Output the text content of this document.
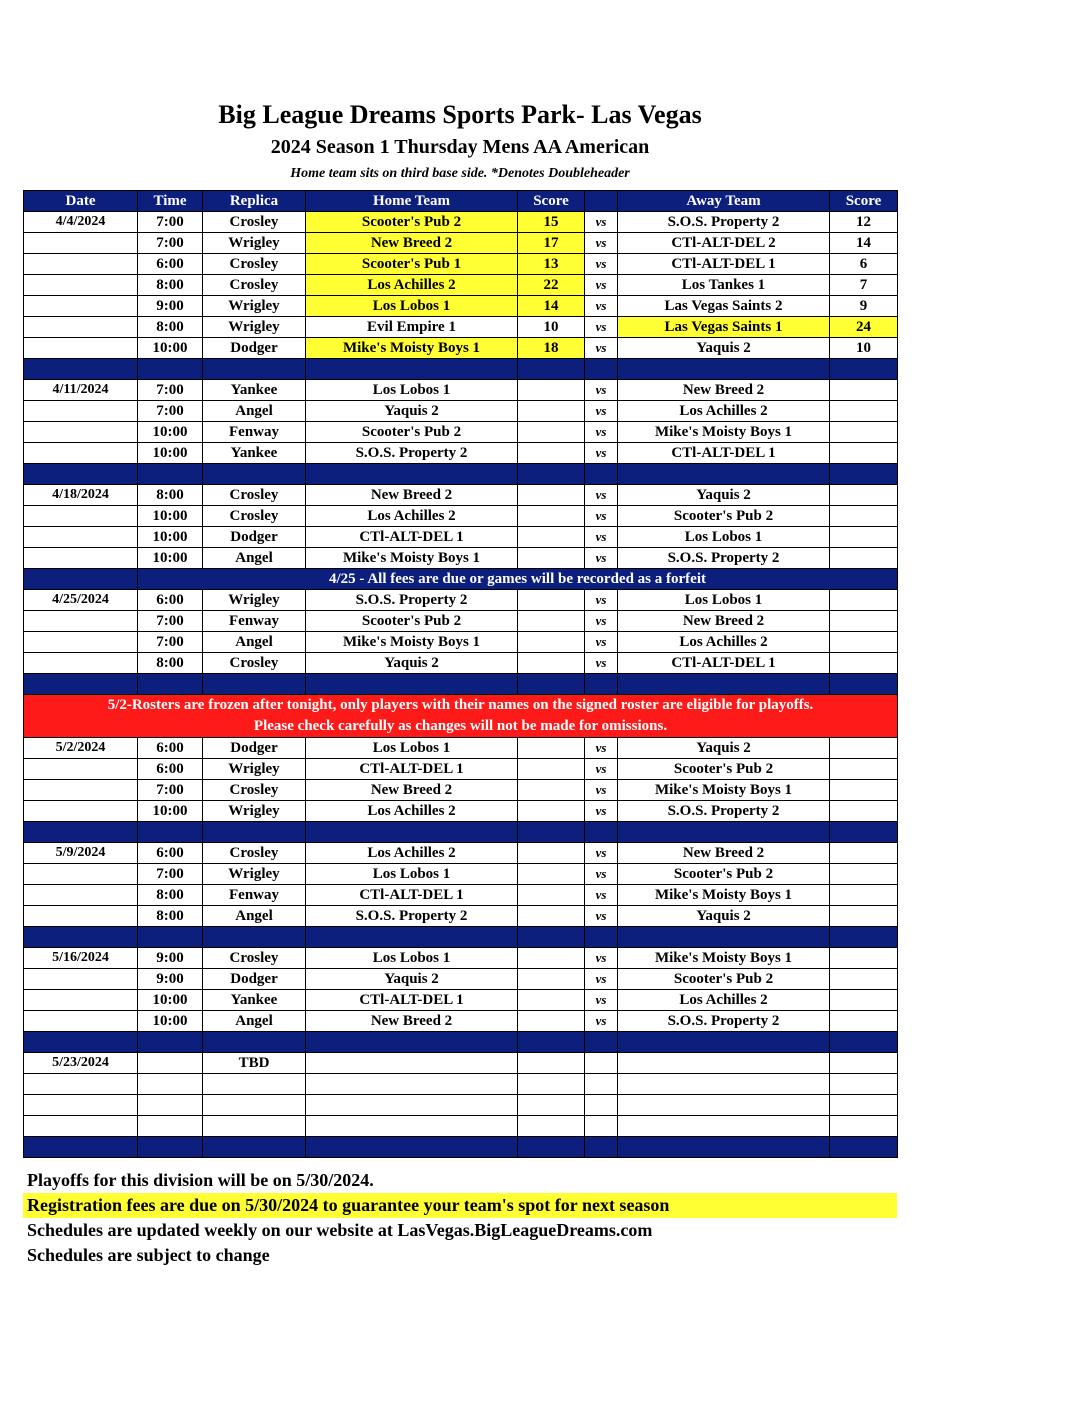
Big League Dreams Sports Park- Las Vegas
2024 Season 1 Thursday Mens AA American
Home team sits on third base side. *Denotes Doubleheader
Date	Time	Replica	Home Team	Score		Away Team	Score
4/4/2024	7:00	Crosley	Scooter's Pub 2	15	vs	S.O.S. Property 2	12
	7:00	Wrigley	New Breed 2	17	vs	CTl-ALT-DEL 2	14
	6:00	Crosley	Scooter's Pub 1	13	vs	CTl-ALT-DEL 1	6
	8:00	Crosley	Los Achilles 2	22	vs	Los Tankes 1	7
	9:00	Wrigley	Los Lobos 1	14	vs	Las Vegas Saints 2	9
	8:00	Wrigley	Evil Empire 1	10	vs	Las Vegas Saints 1	24
	10:00	Dodger	Mike's Moisty Boys 1	18	vs	Yaquis 2	10

4/11/2024	7:00	Yankee	Los Lobos 1		vs	New Breed 2	
	7:00	Angel	Yaquis 2		vs	Los Achilles 2	
	10:00	Fenway	Scooter's Pub 2		vs	Mike's Moisty Boys 1	
	10:00	Yankee	S.O.S. Property 2		vs	CTl-ALT-DEL 1	

4/18/2024	8:00	Crosley	New Breed 2		vs	Yaquis 2	
	10:00	Crosley	Los Achilles 2		vs	Scooter's Pub 2	
	10:00	Dodger	CTl-ALT-DEL 1		vs	Los Lobos 1	
	10:00	Angel	Mike's Moisty Boys 1		vs	S.O.S. Property 2	
	4/25 - All fees are due or games will be recorded as a forfeit						
4/25/2024	6:00	Wrigley	S.O.S. Property 2		vs	Los Lobos 1	
	7:00	Fenway	Scooter's Pub 2		vs	New Breed 2	
	7:00	Angel	Mike's Moisty Boys 1		vs	Los Achilles 2	
	8:00	Crosley	Yaquis 2		vs	CTl-ALT-DEL 1	

5/2-Rosters are frozen after tonight, only players with their names on the signed roster are eligible for playoffs.
Please check carefully as changes will not be made for omissions.							

5/2/2024	6:00	Dodger	Los Lobos 1		vs	Yaquis 2	
	6:00	Wrigley	CTl-ALT-DEL 1		vs	Scooter's Pub 2	
	7:00	Crosley	New Breed 2		vs	Mike's Moisty Boys 1	
	10:00	Wrigley	Los Achilles 2		vs	S.O.S. Property 2	

5/9/2024	6:00	Crosley	Los Achilles 2		vs	New Breed 2	
	7:00	Wrigley	Los Lobos 1		vs	Scooter's Pub 2	
	8:00	Fenway	CTl-ALT-DEL 1		vs	Mike's Moisty Boys 1	
	8:00	Angel	S.O.S. Property 2		vs	Yaquis 2	

5/16/2024	9:00	Crosley	Los Lobos 1		vs	Mike's Moisty Boys 1	
	9:00	Dodger	Yaquis 2		vs	Scooter's Pub 2	
	10:00	Yankee	CTl-ALT-DEL 1		vs	Los Achilles 2	
	10:00	Angel	New Breed 2		vs	S.O.S. Property 2	

5/23/2024		TBD					

Playoffs for this division will be on 5/30/2024.
Registration fees are due on 5/30/2024 to guarantee your team's spot for next season
Schedules are updated weekly on our website at LasVegas.BigLeagueDreams.com
Schedules are subject to change
